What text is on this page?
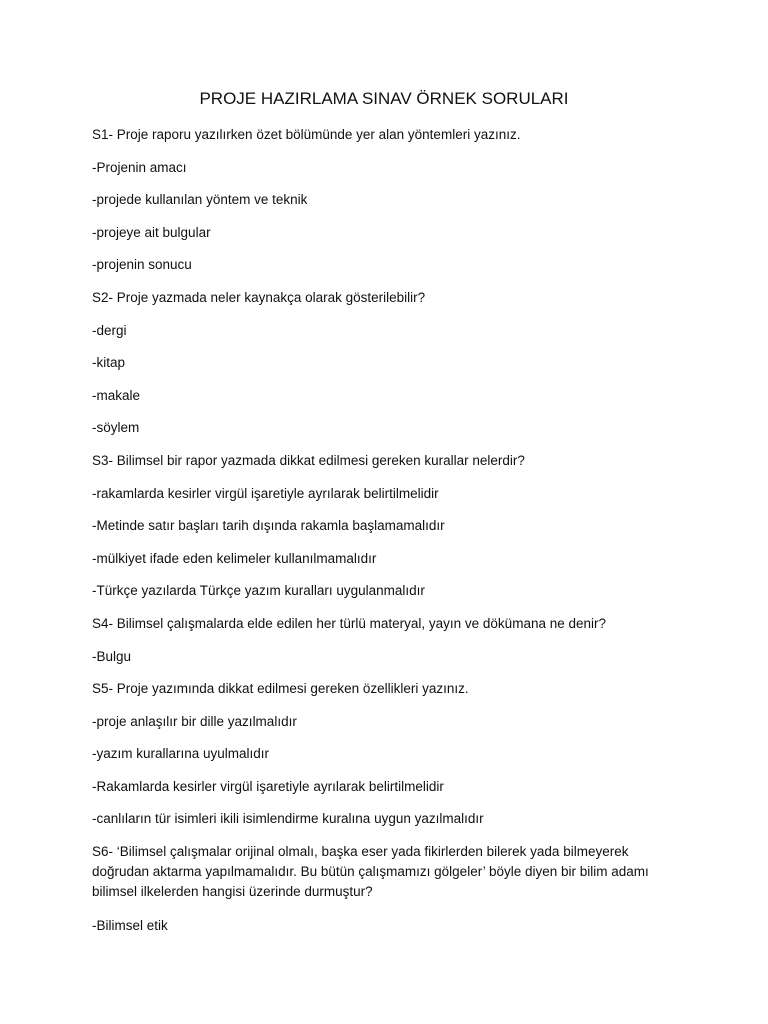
PROJE HAZIRLAMA SINAV ÖRNEK SORULARI

S1- Proje raporu yazılırken özet bölümünde yer alan yöntemleri yazınız.

-Projenin amacı

-projede kullanılan yöntem ve teknik

-projeye ait bulgular

-projenin sonucu

S2- Proje yazmada neler kaynakça olarak gösterilebilir?

-dergi

-kitap

-makale

-söylem

S3- Bilimsel bir rapor yazmada dikkat edilmesi gereken kurallar nelerdir?

-rakamlarda kesirler virgül işaretiyle ayrılarak belirtilmelidir

-Metinde satır başları tarih dışında rakamla başlamamalıdır

-mülkiyet ifade eden kelimeler kullanılmamalıdır

-Türkçe yazılarda Türkçe yazım kuralları uygulanmalıdır

S4- Bilimsel çalışmalarda elde edilen her türlü materyal, yayın ve dökümana ne denir?

-Bulgu

S5- Proje yazımında dikkat edilmesi gereken özellikleri yazınız.

-proje anlaşılır bir dille yazılmalıdır

-yazım kurallarına uyulmalıdır

-Rakamlarda kesirler virgül işaretiyle ayrılarak belirtilmelidir

-canlıların tür isimleri ikili isimlendirme kuralına uygun yazılmalıdır

S6- ‘Bilimsel çalışmalar orijinal olmalı, başka eser yada fikirlerden bilerek yada bilmeyerek doğrudan aktarma yapılmamalıdır. Bu bütün çalışmamızı gölgeler’ böyle diyen bir bilim adamı bilimsel ilkelerden hangisi üzerinde durmuştur?

-Bilimsel etik
